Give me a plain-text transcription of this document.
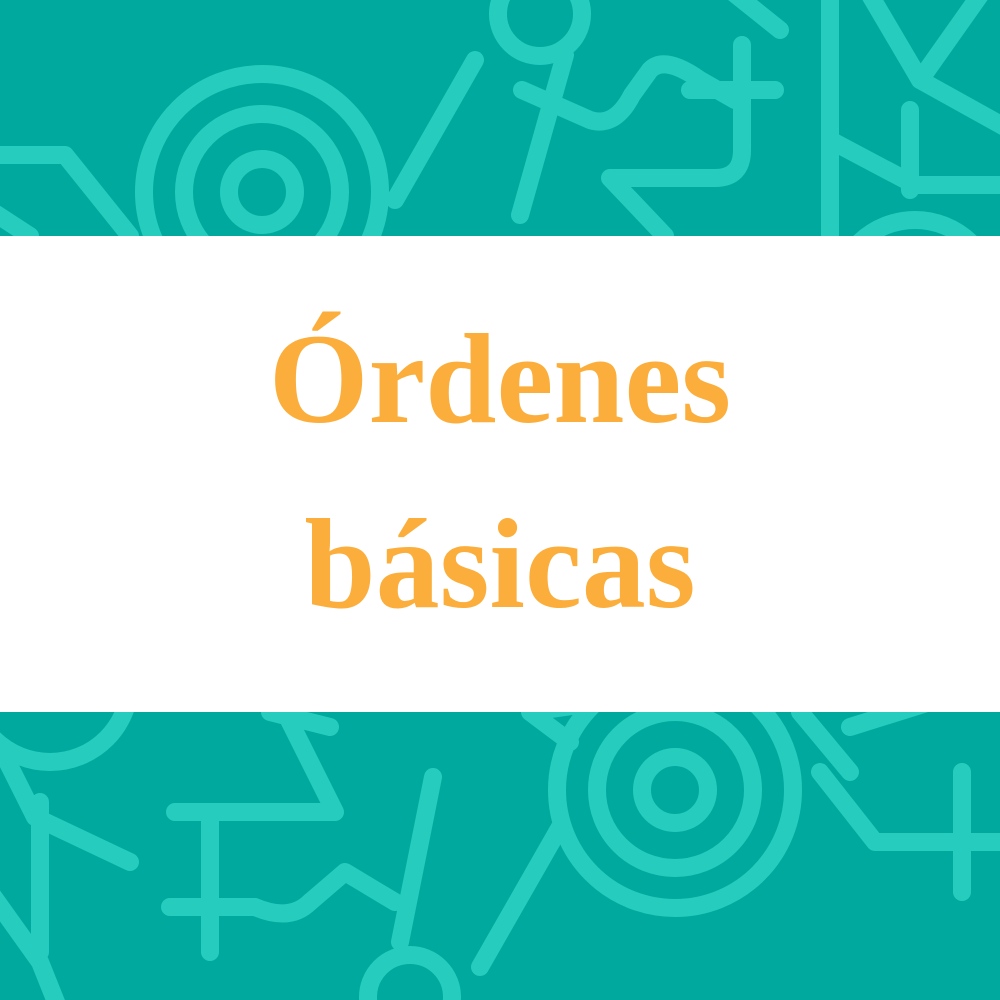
Órdenes
básicas
